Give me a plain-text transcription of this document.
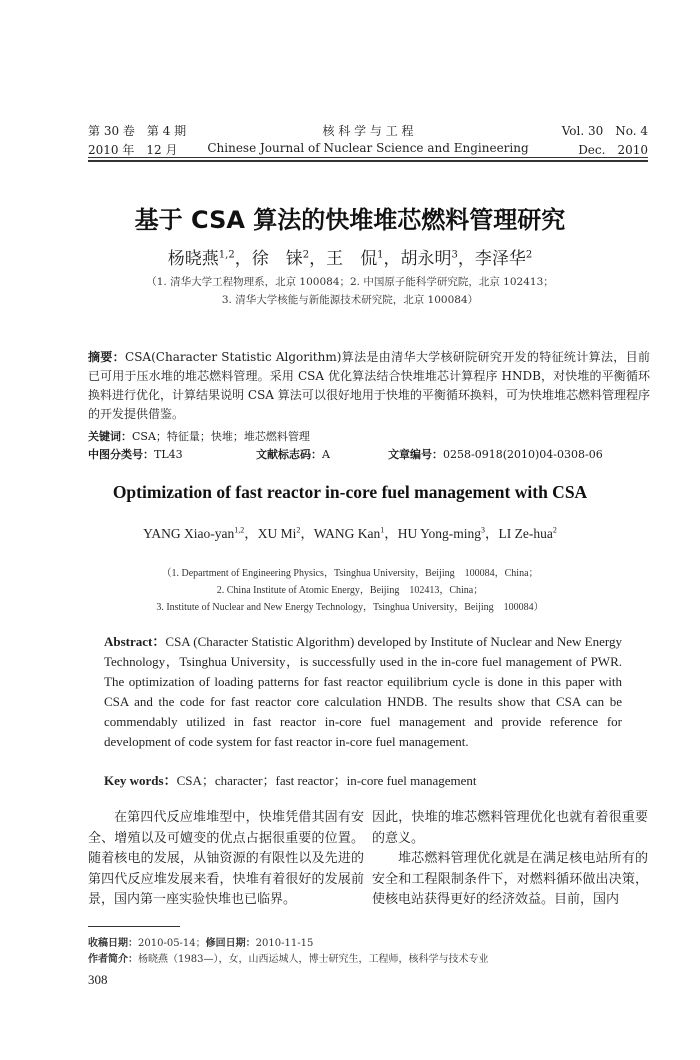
第 30 卷　第 4 期	核 科 学 与 工 程	Vol. 30　No. 4
2010 年　12 月	Chinese Journal of Nuclear Science and Engineering	Dec.　2010
基于 CSA 算法的快堆堆芯燃料管理研究
杨晓燕$^{1,2}$，徐　铼$^2$，王　侃$^1$，胡永明$^3$，李泽华$^2$
（1. 清华大学工程物理系，北京 100084；2. 中国原子能科学研究院，北京 102413；
3. 清华大学核能与新能源技术研究院，北京 100084）
摘要：CSA(Character Statistic Algorithm)算法是由清华大学核研院研究开发的特征统计算法，目前已可用于压水堆的堆芯燃料管理。采用 CSA 优化算法结合快堆堆芯计算程序 HNDB，对快堆的平衡循环换料进行优化，计算结果说明 CSA 算法可以很好地用于快堆的平衡循环换料，可为快堆堆芯燃料管理程序的开发提供借鉴。
关键词：CSA；特征量；快堆；堆芯燃料管理
中图分类号：TL43	文献标志码：A	文章编号：0258-0918(2010)04-0308-06
Optimization of fast reactor in-core fuel management with CSA
YANG Xiao-yan$^{1,2}$，XU Mi$^2$，WANG Kan$^1$，HU Yong-ming$^3$，LI Ze-hua$^2$
（1. Department of Engineering Physics，Tsinghua University，Beijing　100084，China；
2. China Institute of Atomic Energy，Beijing　102413，China；
3. Institute of Nuclear and New Energy Technology，Tsinghua University，Beijing　100084）
Abstract：CSA (Character Statistic Algorithm) developed by Institute of Nuclear and New Energy Technology，Tsinghua University，is successfully used in the in-core fuel management of PWR. The optimization of loading patterns for fast reactor equilibrium cycle is done in this paper with CSA and the code for fast reactor core calculation HNDB. The results show that CSA can be commendably utilized in fast reactor in-core fuel management and provide reference for development of code system for fast reactor in-core fuel management.
Key words：CSA；character；fast reactor；in-core fuel management

在第四代反应堆堆型中，快堆凭借其固有安全、增殖以及可嬗变的优点占据很重要的位置。随着核电的发展，从铀资源的有限性以及先进的第四代反应堆发展来看，快堆有着很好的发展前景，国内第一座实验快堆也已临界。

因此，快堆的堆芯燃料管理优化也就有着很重要的意义。

堆芯燃料管理优化就是在满足核电站所有的安全和工程限制条件下，对燃料循环做出决策，使核电站获得更好的经济效益。目前，国内

收稿日期：2010-05-14；修回日期：2010-11-15
作者简介：杨晓燕（1983—），女，山西运城人，博士研究生，工程师，核科学与技术专业
308
